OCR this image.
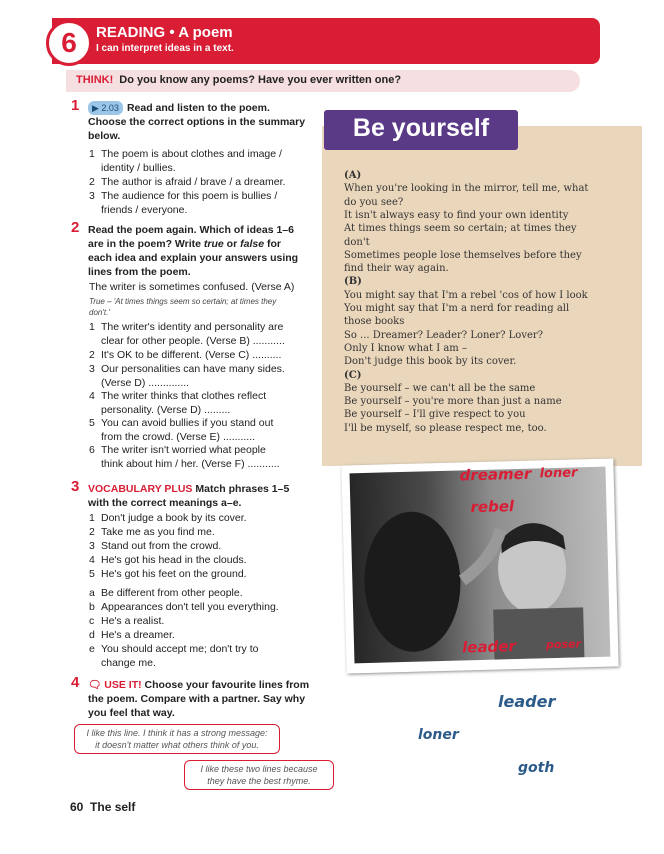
6	READING • A poem
I can interpret ideas in a text.
THINK! Do you know any poems? Have you ever written one?
1	▶ 2.03 Read and listen to the poem.
Choose the correct options in the summary
below.
1 The poem is about clothes and image /
identity / bullies.
2 The author is afraid / brave / a dreamer.
3 The audience for this poem is bullies /
friends / everyone.
2 Read the poem again. Which of ideas 1–6
are in the poem? Write true or false for
each idea and explain your answers using
lines from the poem.
The writer is sometimes confused. (Verse A)
True – 'At times things seem so certain; at times they
don't.'
1 The writer's identity and personality are
clear for other people. (Verse B) ...........
2 It's OK to be different. (Verse C) ..........
3 Our personalities can have many sides.
(Verse D) ..............
4 The writer thinks that clothes reflect
personality. (Verse D) .........
5 You can avoid bullies if you stand out
from the crowd. (Verse E) ...........
6 The writer isn't worried what people
think about him / her. (Verse F) ...........
3 VOCABULARY PLUS Match phrases 1–5
with the correct meanings a–e.
1 Don't judge a book by its cover.
2 Take me as you find me.
3 Stand out from the crowd.
4 He's got his head in the clouds.
5 He's got his feet on the ground.
a Be different from other people.
b Appearances don't tell you everything.
c He's a realist.
d He's a dreamer.
e You should accept me; don't try to
change me.
4 🗨 USE IT! Choose your favourite lines from
the poem. Compare with a partner. Say why
you feel that way.
I like this line. I think it has a strong message:
it doesn't matter what others think of you.
I like these two lines because
they have the best rhyme.
Be yourself
(A)
When you're looking in the mirror, tell me, what
do you see?
It isn't always easy to find your own identity
At times things seem so certain; at times they
don't
Sometimes people lose themselves before they
find their way again.
(B)
You might say that I'm a rebel 'cos of how I look
You might say that I'm a nerd for reading all
those books
So ... Dreamer? Leader? Loner? Lover?
Only I know what I am –
Don't judge this book by its cover.
(C)
Be yourself – we can't all be the same
Be yourself – you're more than just a name
Be yourself – I'll give respect to you
I'll be myself, so please respect me, too.
dreamer loner
rebel
leader	poser
leader
loner
goth
60 The self
